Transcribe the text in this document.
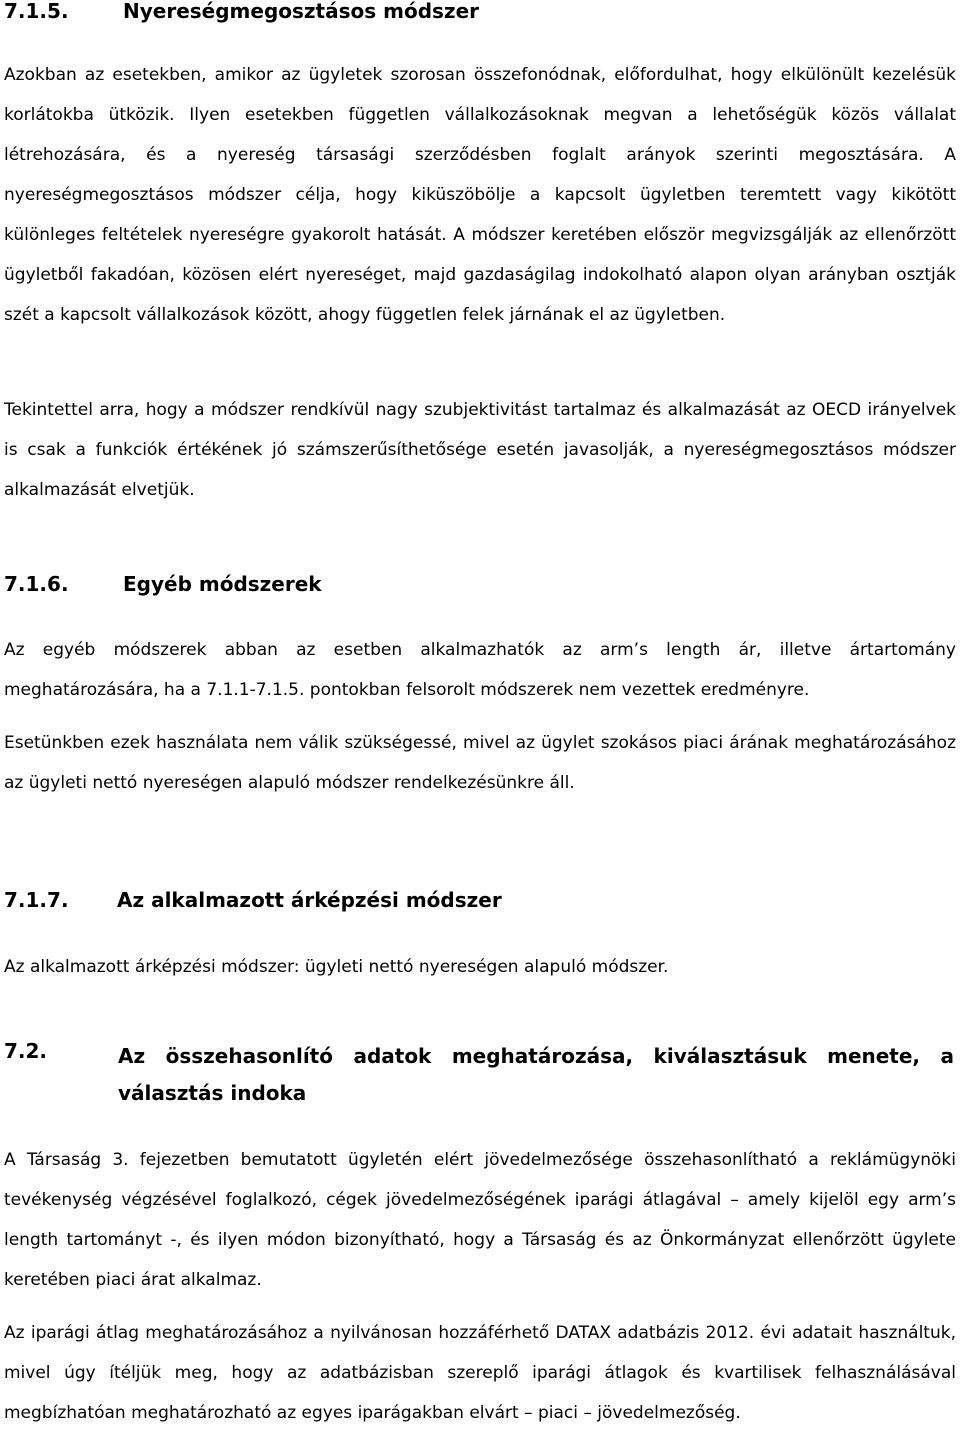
7.1.5.	Nyereségmegosztásos módszer
Azokban az esetekben, amikor az ügyletek szorosan összefonódnak, előfordulhat, hogy elkülönült kezelésük korlátokba ütközik. Ilyen esetekben független vállalkozásoknak megvan a lehetőségük közös vállalat létrehozására, és a nyereség társasági szerződésben foglalt arányok szerinti megosztására. A nyereségmegosztásos módszer célja, hogy kiküszöbölje a kapcsolt ügyletben teremtett vagy kikötött különleges feltételek nyereségre gyakorolt hatását. A módszer keretében először megvizsgálják az ellenőrzött ügyletből fakadóan, közösen elért nyereséget, majd gazdaságilag indokolható alapon olyan arányban osztják szét a kapcsolt vállalkozások között, ahogy független felek járnának el az ügyletben.
Tekintettel arra, hogy a módszer rendkívül nagy szubjektivitást tartalmaz és alkalmazását az OECD irányelvek is csak a funkciók értékének jó számszerűsíthetősége esetén javasolják, a nyereségmegosztásos módszer alkalmazását elvetjük.
7.1.6.	Egyéb módszerek
Az egyéb módszerek abban az esetben alkalmazhatók az arm’s length ár, illetve ártartomány meghatározására, ha a 7.1.1-7.1.5. pontokban felsorolt módszerek nem vezettek eredményre.
Esetünkben ezek használata nem válik szükségessé, mivel az ügylet szokásos piaci árának meghatározásához az ügyleti nettó nyereségen alapuló módszer rendelkezésünkre áll.
7.1.7. Az alkalmazott árképzési módszer
Az alkalmazott árképzési módszer: ügyleti nettó nyereségen alapuló módszer.
7.2.	Az összehasonlító adatok meghatározása, kiválasztásuk menete, a választás indoka
A Társaság 3. fejezetben bemutatott ügyletén elért jövedelmezősége összehasonlítható a reklámügynöki tevékenység végzésével foglalkozó, cégek jövedelmezőségének iparági átlagával – amely kijelöl egy arm’s length tartományt -, és ilyen módon bizonyítható, hogy a Társaság és az Önkormányzat ellenőrzött ügylete keretében piaci árat alkalmaz.
Az iparági átlag meghatározásához a nyilvánosan hozzáférhető DATAX adatbázis 2012. évi adatait használtuk, mivel úgy ítéljük meg, hogy az adatbázisban szereplő iparági átlagok és kvartilisek felhasználásával megbízhatóan meghatározható az egyes iparágakban elvárt – piaci – jövedelmezőség.
